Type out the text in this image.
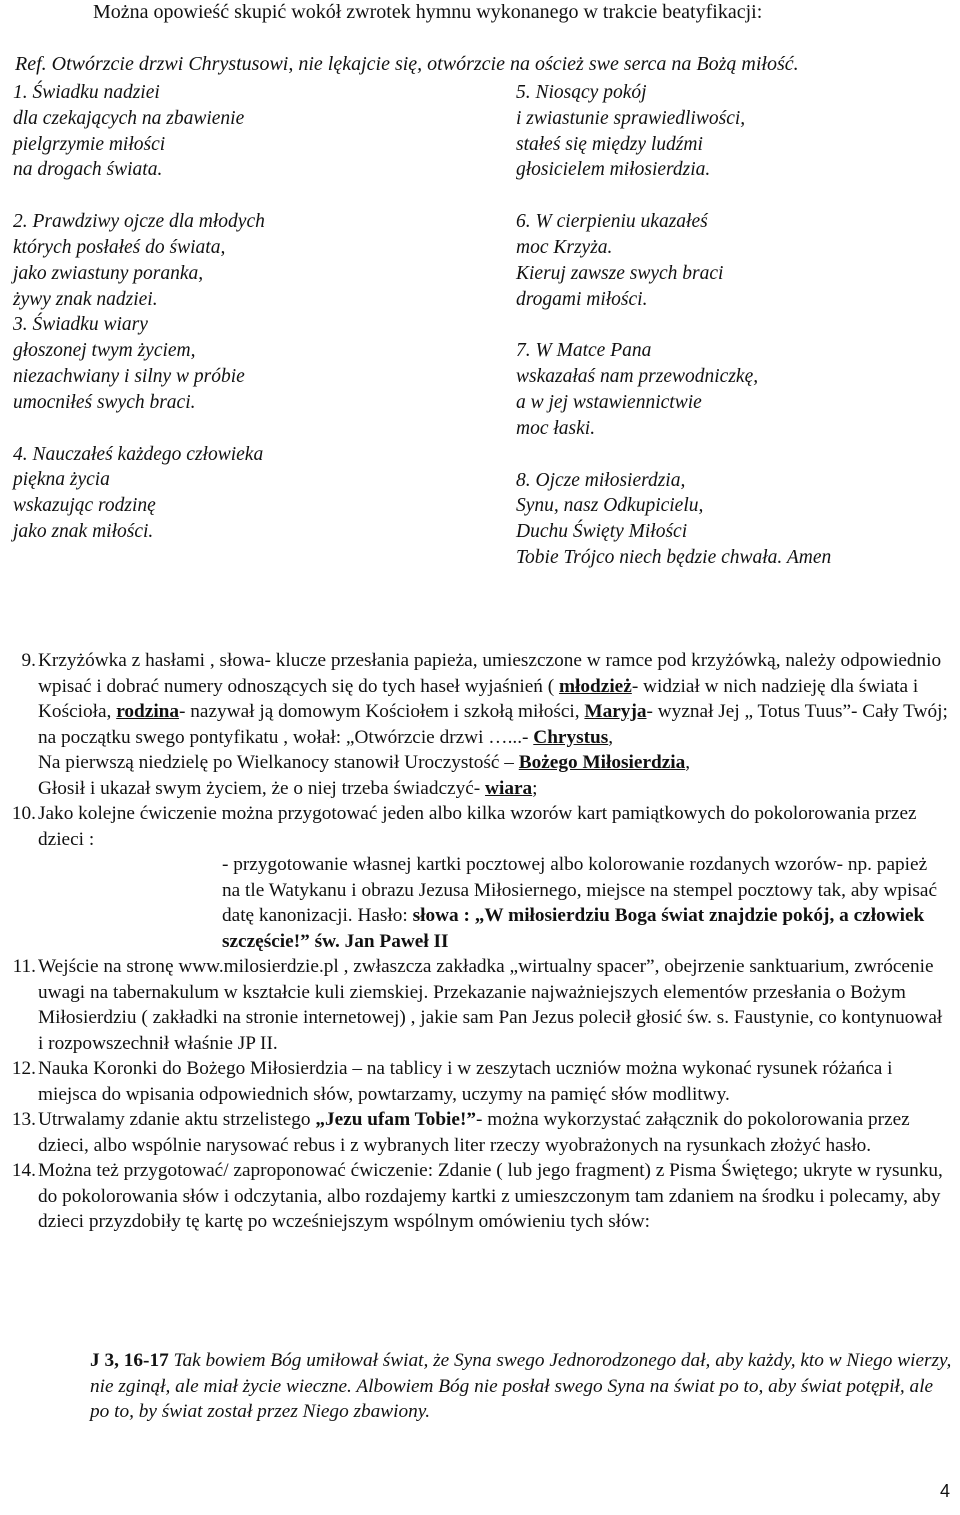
Można opowieść skupić wokół zwrotek hymnu wykonanego w trakcie beatyfikacji:
Ref. Otwórzcie drzwi Chrystusowi, nie lękajcie się, otwórzcie na oścież swe serca na Bożą miłość.
1. Świadku nadziei
dla czekających na zbawienie
pielgrzymie miłości
na drogach świata.
2. Prawdziwy ojcze dla młodych
których posłałeś do świata,
jako zwiastuny poranka,
żywy znak nadziei.
3. Świadku wiary
głoszonej twym życiem,
niezachwiany i silny w próbie
umocniłeś swych braci.
4. Nauczałeś każdego człowieka
piękna życia
wskazując rodzinę
jako znak miłości.
5. Niosący pokój
i zwiastunie sprawiedliwości,
stałeś się między ludźmi
głosicielem miłosierdzia.
6. W cierpieniu ukazałeś
moc Krzyża.
Kieruj zawsze swych braci
drogami miłości.
7. W Matce Pana
wskazałaś nam przewodniczkę,
a w jej wstawiennictwie
moc łaski.
8. Ojcze miłosierdzia,
Synu, nasz Odkupicielu,
Duchu Święty Miłości
Tobie Trójco niech będzie chwała. Amen
9. Krzyżówka z hasłami , słowa- klucze przesłania papieża, umieszczone w ramce pod krzyżówką, należy odpowiednio wpisać i dobrać numery odnoszących się do tych haseł wyjaśnień ( młodzież- widział w nich nadzieję dla świata i Kościoła, rodzina- nazywał ją domowym Kościołem i szkołą miłości, Maryja- wyznał Jej „ Totus Tuus”- Cały Twój; na początku swego pontyfikatu , wołał: „Otwórzcie drzwi …...- Chrystus,
Na pierwszą niedzielę po Wielkanocy stanowił Uroczystość – Bożego Miłosierdzia,
Głosił i ukazał swym życiem, że o niej trzeba świadczyć- wiara;
10. Jako kolejne ćwiczenie można przygotować jeden albo kilka wzorów kart pamiątkowych do pokolorowania przez dzieci :
- przygotowanie własnej kartki pocztowej albo kolorowanie rozdanych wzorów- np. papież na tle Watykanu i obrazu Jezusa Miłosiernego, miejsce na stempel pocztowy tak, aby wpisać datę kanonizacji. Hasło: słowa : „W miłosierdziu Boga świat znajdzie pokój, a człowiek szczęście!” św. Jan Paweł II
11. Wejście na stronę www.milosierdzie.pl , zwłaszcza zakładka „wirtualny spacer”, obejrzenie sanktuarium, zwrócenie uwagi na tabernakulum w kształcie kuli ziemskiej. Przekazanie najważniejszych elementów przesłania o Bożym Miłosierdziu ( zakładki na stronie internetowej) , jakie sam Pan Jezus polecił głosić św. s. Faustynie, co kontynuował i rozpowszechnił właśnie JP II.
12. Nauka Koronki do Bożego Miłosierdzia – na tablicy i w zeszytach uczniów można wykonać rysunek różańca i miejsca do wpisania odpowiednich słów, powtarzamy, uczymy na pamięć słów modlitwy.
13. Utrwalamy zdanie aktu strzelistego „Jezu ufam Tobie!”- można wykorzystać załącznik do pokolorowania przez dzieci, albo wspólnie narysować rebus i z wybranych liter rzeczy wyobrażonych na rysunkach złożyć hasło.
14. Można też przygotować/ zaproponować ćwiczenie: Zdanie ( lub jego fragment) z Pisma Świętego; ukryte w rysunku, do pokolorowania słów i odczytania, albo rozdajemy kartki z umieszczonym tam zdaniem na środku i polecamy, aby dzieci przyzdobiły tę kartę po wcześniejszym wspólnym omówieniu tych słów:
J 3, 16-17 Tak bowiem Bóg umiłował świat, że Syna swego Jednorodzonego dał, aby każdy, kto w Niego wierzy, nie zginął, ale miał życie wieczne. Albowiem Bóg nie posłał swego Syna na świat po to, aby świat potępił, ale po to, by świat został przez Niego zbawiony.
4
